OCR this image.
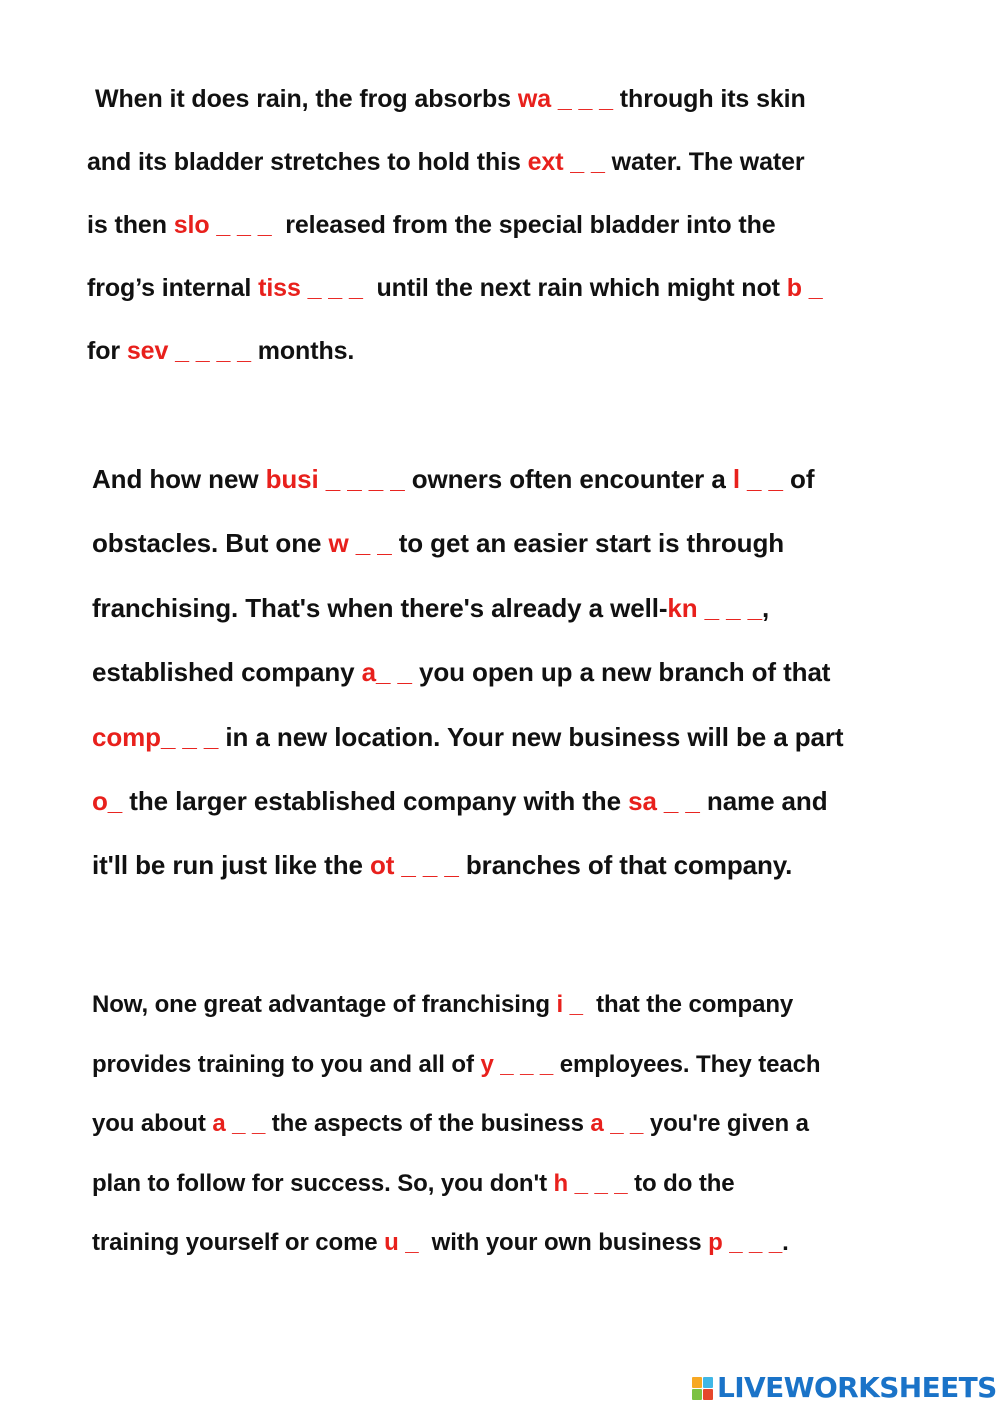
When it does rain, the frog absorbs wa _ _ _ through its skin
and its bladder stretches to hold this ext _ _ water. The water
is then slo _ _ _  released from the special bladder into the
frog’s internal tiss _ _ _  until the next rain which might not b _
for sev _ _ _ _ months.
And how new busi _ _ _ _ owners often encounter a l _ _ of
obstacles. But one w _ _ to get an easier start is through
franchising. That's when there's already a well-kn _ _ _,
established company a_ _ you open up a new branch of that
comp_ _ _ in a new location. Your new business will be a part
o_ the larger established company with the sa _ _ name and
it'll be run just like the ot _ _ _ branches of that company.
Now, one great advantage of franchising i _  that the company
provides training to you and all of y _ _ _ employees. They teach
you about a _ _ the aspects of the business a _ _ you're given a
plan to follow for success. So, you don't h _ _ _ to do the
training yourself or come u _  with your own business p _ _ _.
LIVEWORKSHEETS
